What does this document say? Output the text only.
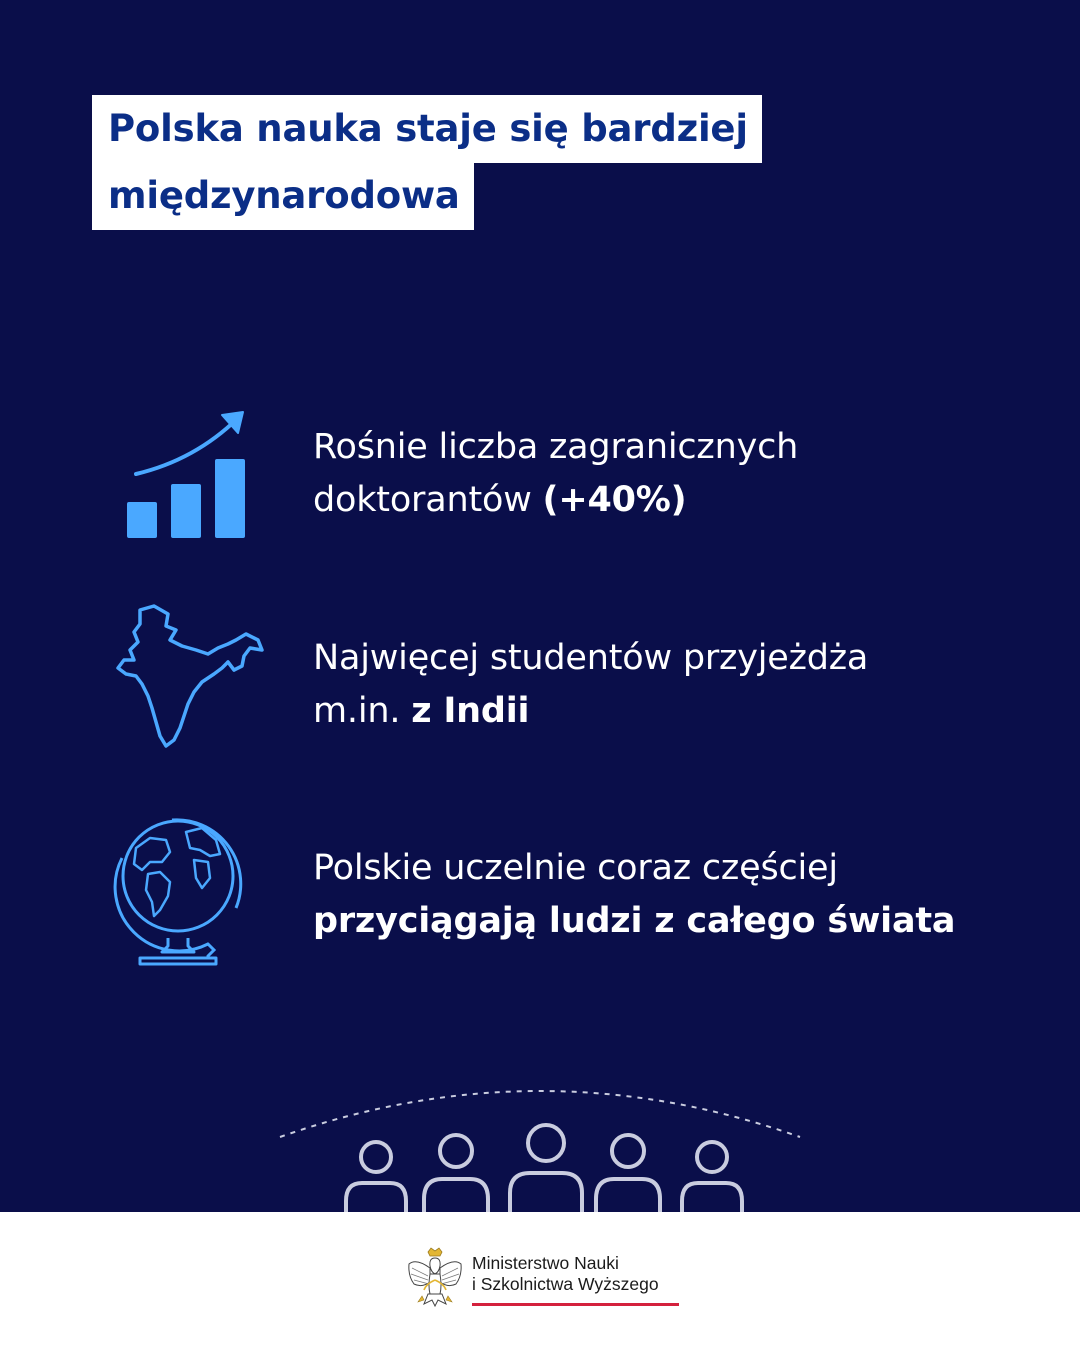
Polska nauka staje się bardziej
międzynarodowa
Rośnie liczba zagranicznych
doktorantów (+40%)
Najwięcej studentów przyjeżdża
m.in. z Indii
Polskie uczelnie coraz częściej
przyciągają ludzi z całego świata
Ministerstwo Nauki
i Szkolnictwa Wyższego
